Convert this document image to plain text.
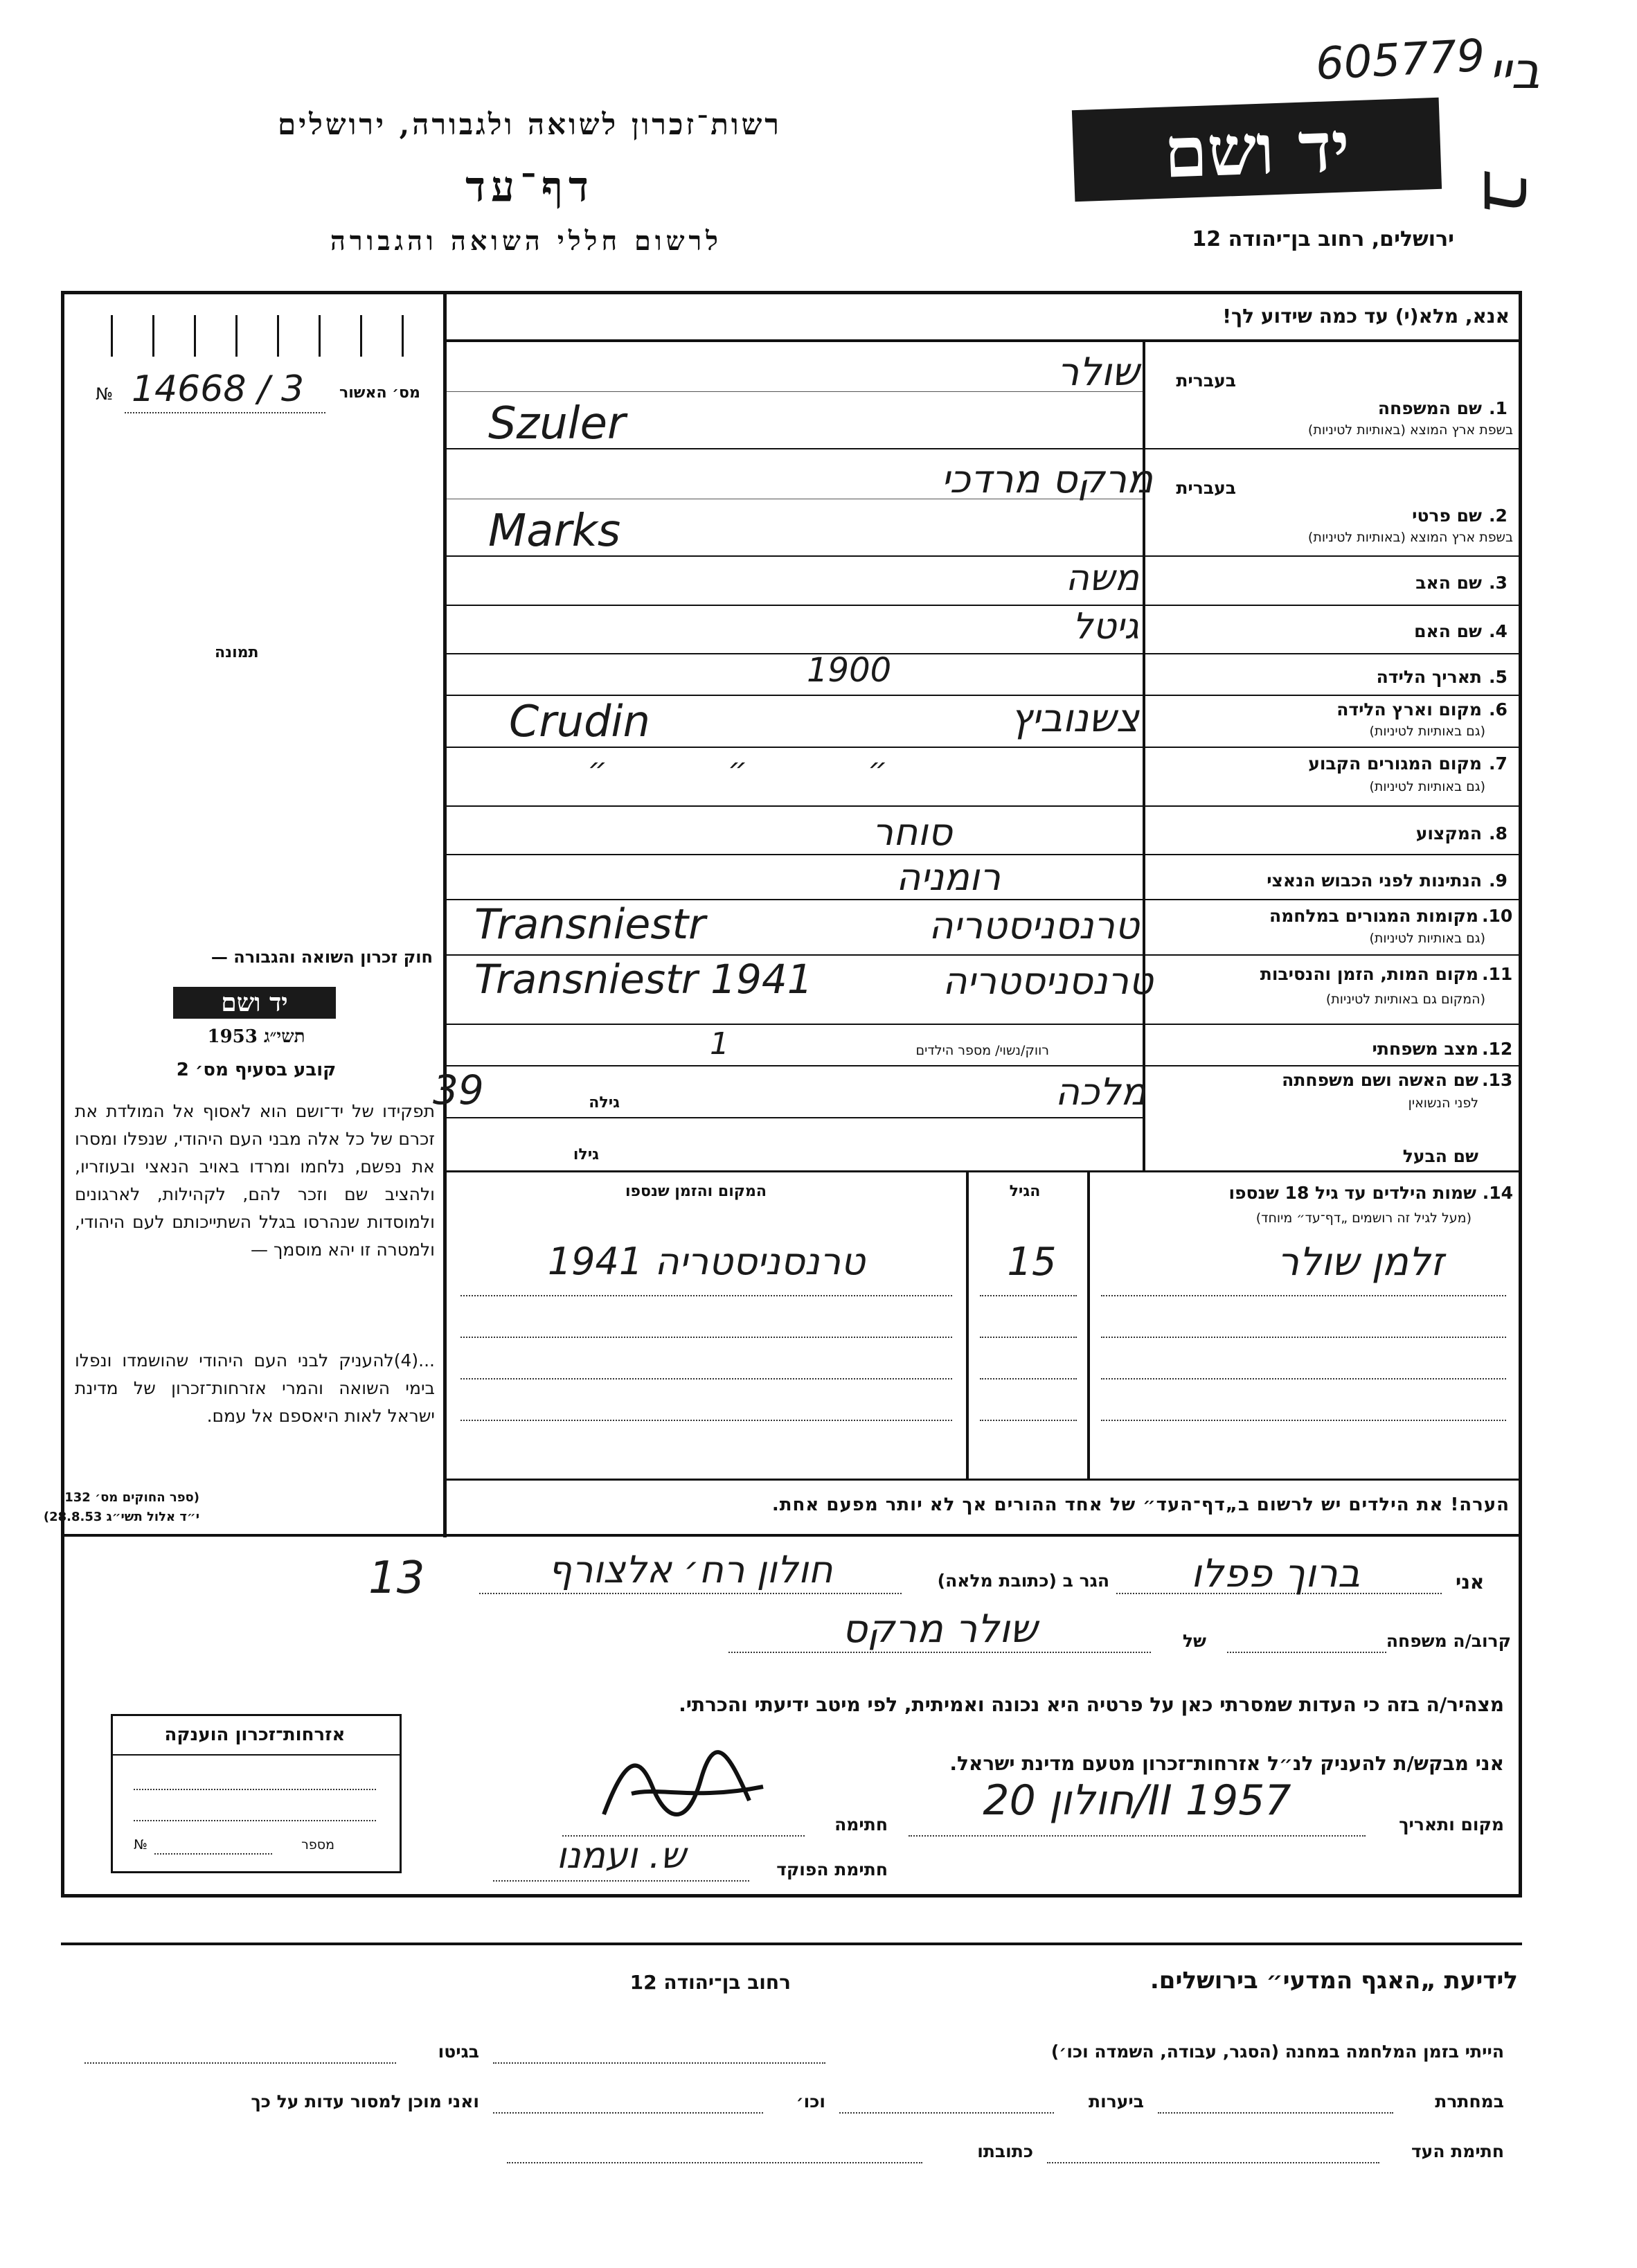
605779 ביי
ב
יד ושם
ירושלים, רחוב בן־יהודה 12
רשות־זכרון לשואה ולגבורה, ירושלים
דף־עד
לרשום חללי השואה והגבורה
№ 14668 / 3 מס׳ האשור
תמונה
חוק זכרון השואה והגבורה —
יד ושם
תשי״ג 1953
קובע בסעיף מס׳ 2
תפקידו של יד־ושם הוא לאסוף אל המולדת את זכרם של כל אלה מבני העם היהודי, שנפלו ומסרו את נפשם, נלחמו ומרדו באויב הנאצי ובעוזריו, ולהציב שם וזכר להם, לקהילות, לארגונים ולמוסדות שנהרסו בגלל השתייכותם לעם היהודי, ולמטרה זו יהא מוסמך —
...(4)להעניק לבני העם היהודי שהושמדו ונפלו בימי השואה והמרי אזרחות־זכרון של מדינת ישראל לאות היאספם אל עמם.
(ספר החוקים מס׳ 132
י״ד אלול תשי״ג 28.8.53)
אנא, מלא(י) עד כמה שידוע לך!
בעברית
1.
שם המשפחה
בשפת ארץ המוצא (באותיות לטיניות)
שולר
Szuler
בעברית
2.
שם פרטי
בשפת ארץ המוצא (באותיות לטיניות)
מרקס מרדכי
Marks
3.
שם האב
משה
4.
שם האם
גיטל
5.
תאריך הלידה
1900
6.
מקום וארץ הלידה
(גם באותיות לטיניות)
צשנוביץ
Crudin
7.
מקום המגורים הקבוע
(גם באותיות לטיניות)
״ ״ ״
8.
המקצוע
סוחר
9.
הנתינות לפני הכבוש הנאצי
רומניה
10.
מקומות המגורים במלחמה
(גם באותיות לטיניות)
טרנסניסטריה
Transniestr
11.
מקום המות, הזמן והנסיבות
(המקום גם באותיות לטיניות)
טרנסניסטריה
Transniestr 1941
12.
מצב משפחתי
רווק/נשוי/ מספר הילדים
1
13.
שם האשה ושם משפחתה
לפני הנשואין
מלכה
גילה
39
שם הבעל
גילו
14. שמות הילדים עד גיל 18 שנספו
(מעל לגיל זה רושמים „דף־עד״ מיוחד)
הגיל
המקום והזמן שנספו
זלמן שולר
15
טרנסניסטריה 1941
הערה! את הילדים יש לרשום ב„דף־העד״ של אחד ההורים אך לא יותר מפעם אחת.
אני
ברוך פפלו
הגר ב (כתובת מלאה)
חולון רח׳ אלצורף
13
קרוב/ה משפחה
של
שולר מרקס
מצהיר/ה בזה כי העדות שמסרתי כאן על פרטיה היא נכונה ואמיתית, לפי מיטב ידיעתי והכרתי.
אני מבקש/ת להעניק לנ״ל אזרחות־זכרון מטעם מדינת ישראל.
מקום ותאריך
חולון 20/II 1957
חתימה
חתימת הפוקד
ש. ועמנו
אזרחות־זכרון הוענקה
מספר
№
לידיעת „האגף המדעי״ בירושלים.
רחוב בן־יהודה 12
הייתי בזמן המלחמה במחנה (הסגר, עבודה, השמדה וכו׳)
בגיטו
במחתרת
ביערות
וכו׳
ואני מוכן למסור עדות על כך
חתימת העד
כתובתו
